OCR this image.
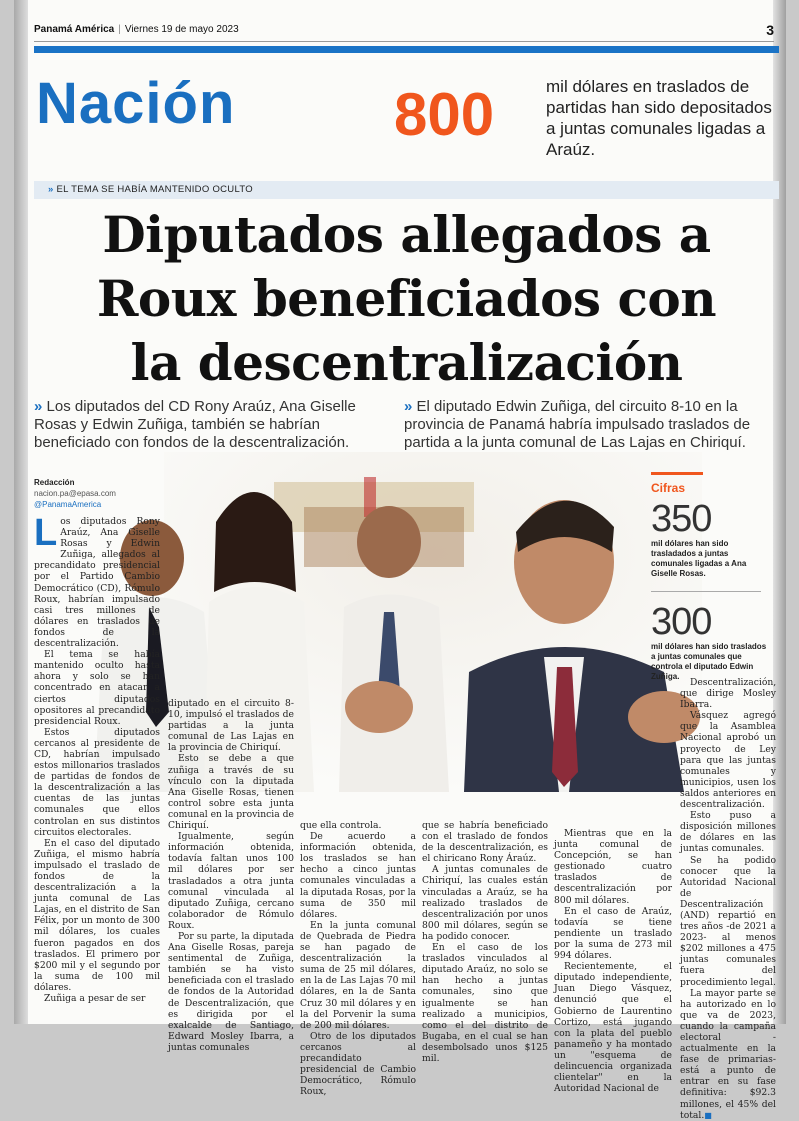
Panamá América | Viernes 19 de mayo 2023	3
Nación	800	mil dólares en traslados de partidas han sido depositados a juntas comunales ligadas a Araúz.
» EL TEMA SE HABÍA MANTENIDO OCULTO
Diputados allegados a
Roux beneficiados con
la descentralización
» Los diputados del CD Rony Araúz, Ana Giselle Rosas y Edwin Zuñiga, también se habrían beneficiado con fondos de la descentralización.
» El diputado Edwin Zuñiga, del circuito 8-10 en la provincia de Panamá habría impulsado traslados de partida a la junta comunal de Las Lajas en Chiriquí.
Redacción
nacion.pa@epasa.com
@PanamaAmerica
Cifras
350
mil dólares han sido trasladados a juntas comunales ligadas a Ana Giselle Rosas.
300
mil dólares han sido traslados a juntas comunales que controla el diputado Edwin Zuñiga.

Los diputados Rony Araúz, Ana Giselle Rosas y Edwin Zuñiga, allegados al precandidato presidencial por el Partido Cambio Democrático (CD), Rómulo Roux, habrían impulsado casi tres millones de dólares en traslados de fondos de la descentralización.

El tema se había mantenido oculto hasta ahora y solo se han concentrado en atacar a ciertos diputados opositores al precandidato presidencial Roux.

Estos diputados cercanos al presidente de CD, habrían impulsado estos millonarios traslados de partidas de fondos de la descentralización a las cuentas de las juntas comunales que ellos controlan en sus distintos circuitos electorales.

En el caso del diputado Zuñiga, el mismo habría impulsado el traslado de fondos de la descentralización a la junta comunal de Las Lajas, en el distrito de San Félix, por un monto de 300 mil dólares, los cuales fueron pagados en dos traslados. El primero por $200 mil y el segundo por la suma de 100 mil dólares.

Zuñiga a pesar de ser

diputado en el circuito 8-10, impulsó el traslados de partidas a la junta comunal de Las Lajas en la provincia de Chiriquí.

Esto se debe a que zuñiga a través de su vínculo con la diputada Ana Giselle Rosas, tienen control sobre esta junta comunal en la provincia de Chiriquí.

Igualmente, según información obtenida, todavía faltan unos 100 mil dólares por ser trasladados a otra junta comunal vinculada al diputado Zuñiga, cercano colaborador de Rómulo Roux.

Por su parte, la diputada Ana Giselle Rosas, pareja sentimental de Zuñiga, también se ha visto beneficiada con el traslado de fondos de la Autoridad de Descentralización, que es dirigida por el exalcalde de Santiago, Edward Mosley Ibarra, a juntas comunales

que ella controla.

De acuerdo a información obtenida, los traslados se han hecho a cinco juntas comunales vinculadas a la diputada Rosas, por la suma de 350 mil dólares.

En la junta comunal de Quebrada de Piedra se han pagado de descentralización la suma de 25 mil dólares, en la de Las Lajas 70 mil dólares, en la de Santa Cruz 30 mil dólares y en la del Porvenir la suma de 200 mil dólares.

Otro de los diputados cercanos al precandidato presidencial de Cambio Democrático, Rómulo Roux,

que se habría beneficiado con el traslado de fondos de la descentralización, es el chiricano Rony Áraúz.

A juntas comunales de Chiriquí, las cuales están vinculadas a Araúz, se ha realizado traslados de descentralización por unos 800 mil dólares, según se ha podido conocer.

En el caso de los traslados vinculados al diputado Araúz, no solo se han hecho a juntas comunales, sino que igualmente se han realizado a municipios, como el del distrito de Bugaba, en el cual se han desembolsado unos $125 mil.

Mientras que en la junta comunal de Concepción, se han gestionado cuatro traslados de descentralización por 800 mil dólares.

En el caso de Araúz, todavía se tiene pendiente un traslado por la suma de 273 mil 994 dólares.

Recientemente, el diputado independiente, Juan Diego Vásquez, denunció que el Gobierno de Laurentino Cortizo, está jugando con la plata del pueblo panameño y ha montado un "esquema de delincuencia organizada clientelar" en la Autoridad Nacional de

Descentralización, que dirige Mosley Ibarra.

Vásquez agregó que la Asamblea Nacional aprobó un proyecto de Ley para que las juntas comunales y municipios, usen los saldos anteriores en descentralización.

Esto puso a disposición millones de dólares en las juntas comunales.

Se ha podido conocer que la Autoridad Nacional de Descentralización (AND) repartió en tres años -de 2021 a 2023- al menos $202 millones a 475 juntas comunales fuera del procedimiento legal.

La mayor parte se ha autorizado en lo que va de 2023, cuando la campaña electoral -actualmente en la fase de primarias- está a punto de entrar en su fase definitiva: $92.3 millones, el 45% del total.■
